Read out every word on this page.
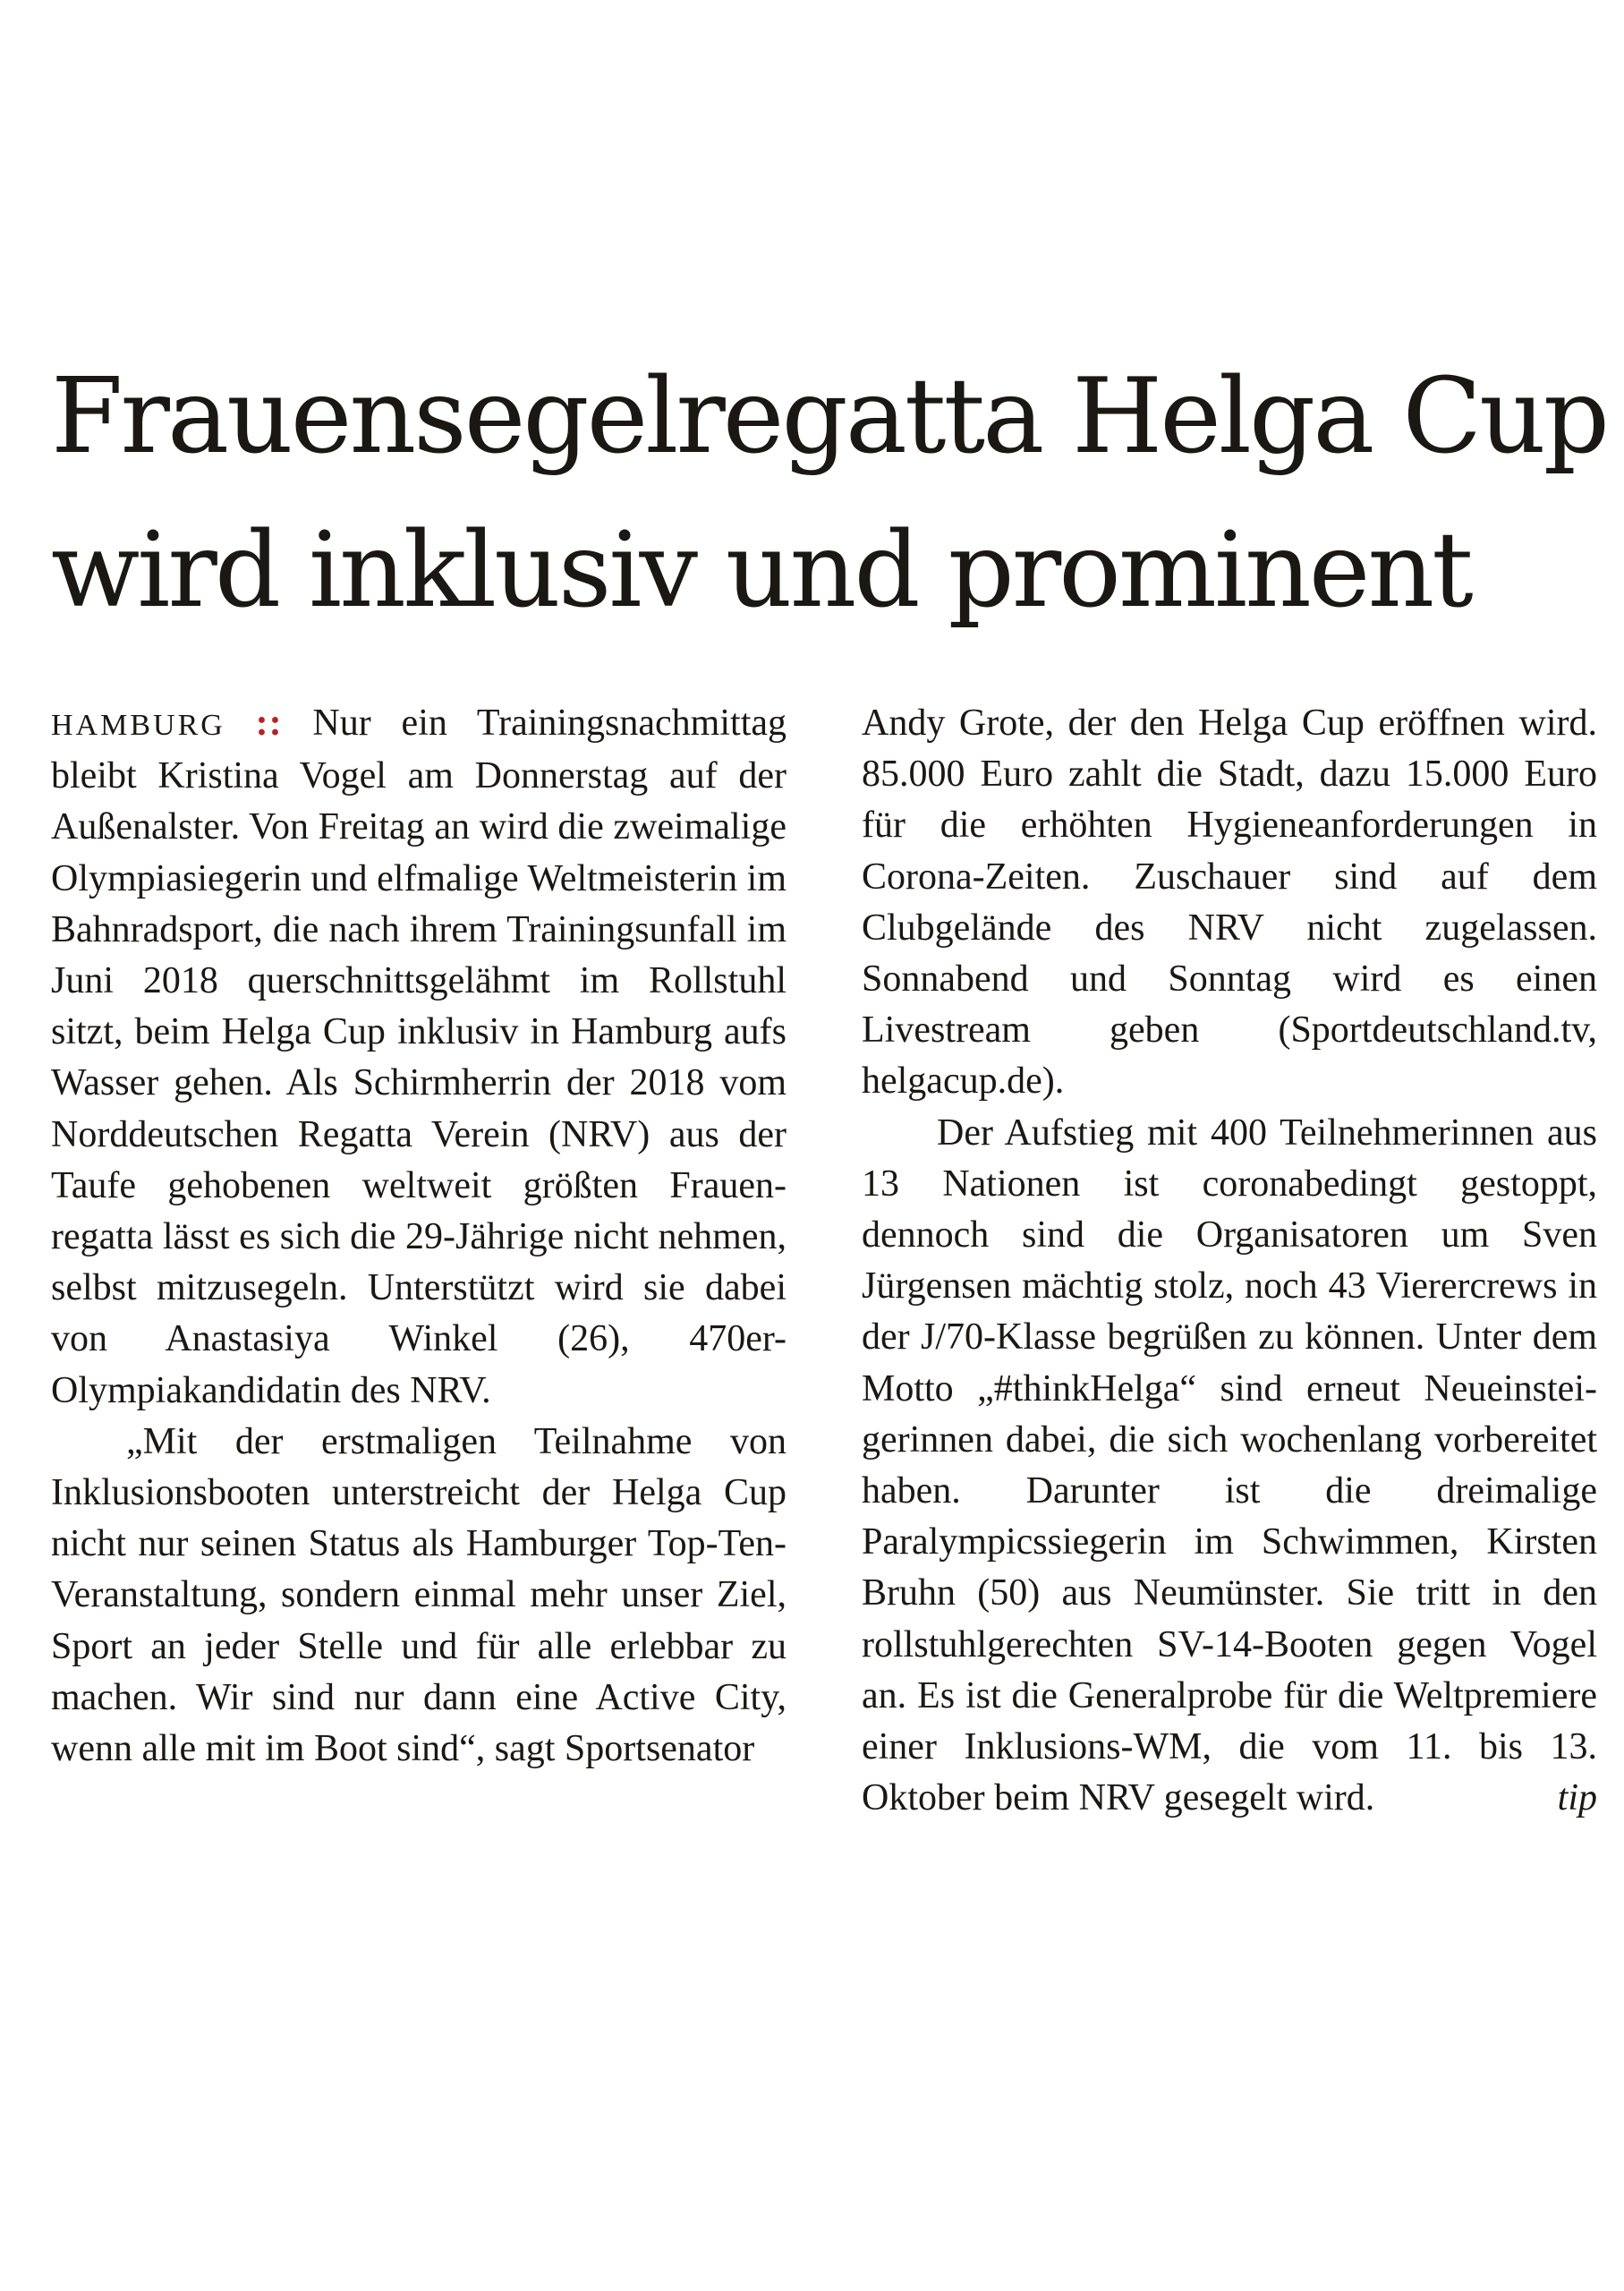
Frauensegelregatta Helga Cup
wird inklusiv und prominent

HAMBURG :: Nur ein Trainingsnachmittag bleibt Kristina Vogel am Donnerstag auf der Außenalster. Von Freitag an wird die zweimalige Olympiasiegerin und elfmalige Weltmeisterin im Bahnradsport, die nach ihrem Trainingsunfall im Juni 2018 querschnittsgelähmt im Rollstuhl sitzt, beim Helga Cup inklusiv in Hamburg aufs Wasser gehen. Als Schirmherrin der 2018 vom Norddeutschen Regatta Verein (NRV) aus der Taufe gehobenen weltweit größten Frauenregatta lässt es sich die 29-Jährige nicht nehmen, selbst mitzusegeln. Unterstützt wird sie dabei von Anastasiya Winkel (26), 470er-Olympiakandidatin des NRV.

„Mit der erstmaligen Teilnahme von Inklusionsbooten unterstreicht der Helga Cup nicht nur seinen Status als Hamburger Top-Ten-Veranstaltung, sondern einmal mehr unser Ziel, Sport an jeder Stelle und für alle erlebbar zu machen. Wir sind nur dann eine Active City, wenn alle mit im Boot sind“, sagt Sportsenator

Andy Grote, der den Helga Cup eröffnen wird. 85.000 Euro zahlt die Stadt, dazu 15.000 Euro für die erhöhten Hygieneanforderungen in Corona-Zeiten. Zuschauer sind auf dem Clubgelände des NRV nicht zugelassen. Sonnabend und Sonntag wird es einen Livestream geben (Sportdeutschland.tv, helgacup.de).

Der Aufstieg mit 400 Teilnehmerinnen aus 13 Nationen ist coronabedingt gestoppt, dennoch sind die Organisatoren um Sven Jürgensen mächtig stolz, noch 43 Vierercrews in der J/70-Klasse begrüßen zu können. Unter dem Motto „#thinkHelga“ sind erneut Neueinsteigerinnen dabei, die sich wochenlang vorbereitet haben. Darunter ist die dreimalige Paralympicssiegerin im Schwimmen, Kirsten Bruhn (50) aus Neumünster. Sie tritt in den rollstuhlgerechten SV-14-Booten gegen Vogel an. Es ist die Generalprobe für die Weltpremiere einer Inklusions-WM, die vom 11. bis 13. Oktober beim NRV gesegelt wird.	tip
